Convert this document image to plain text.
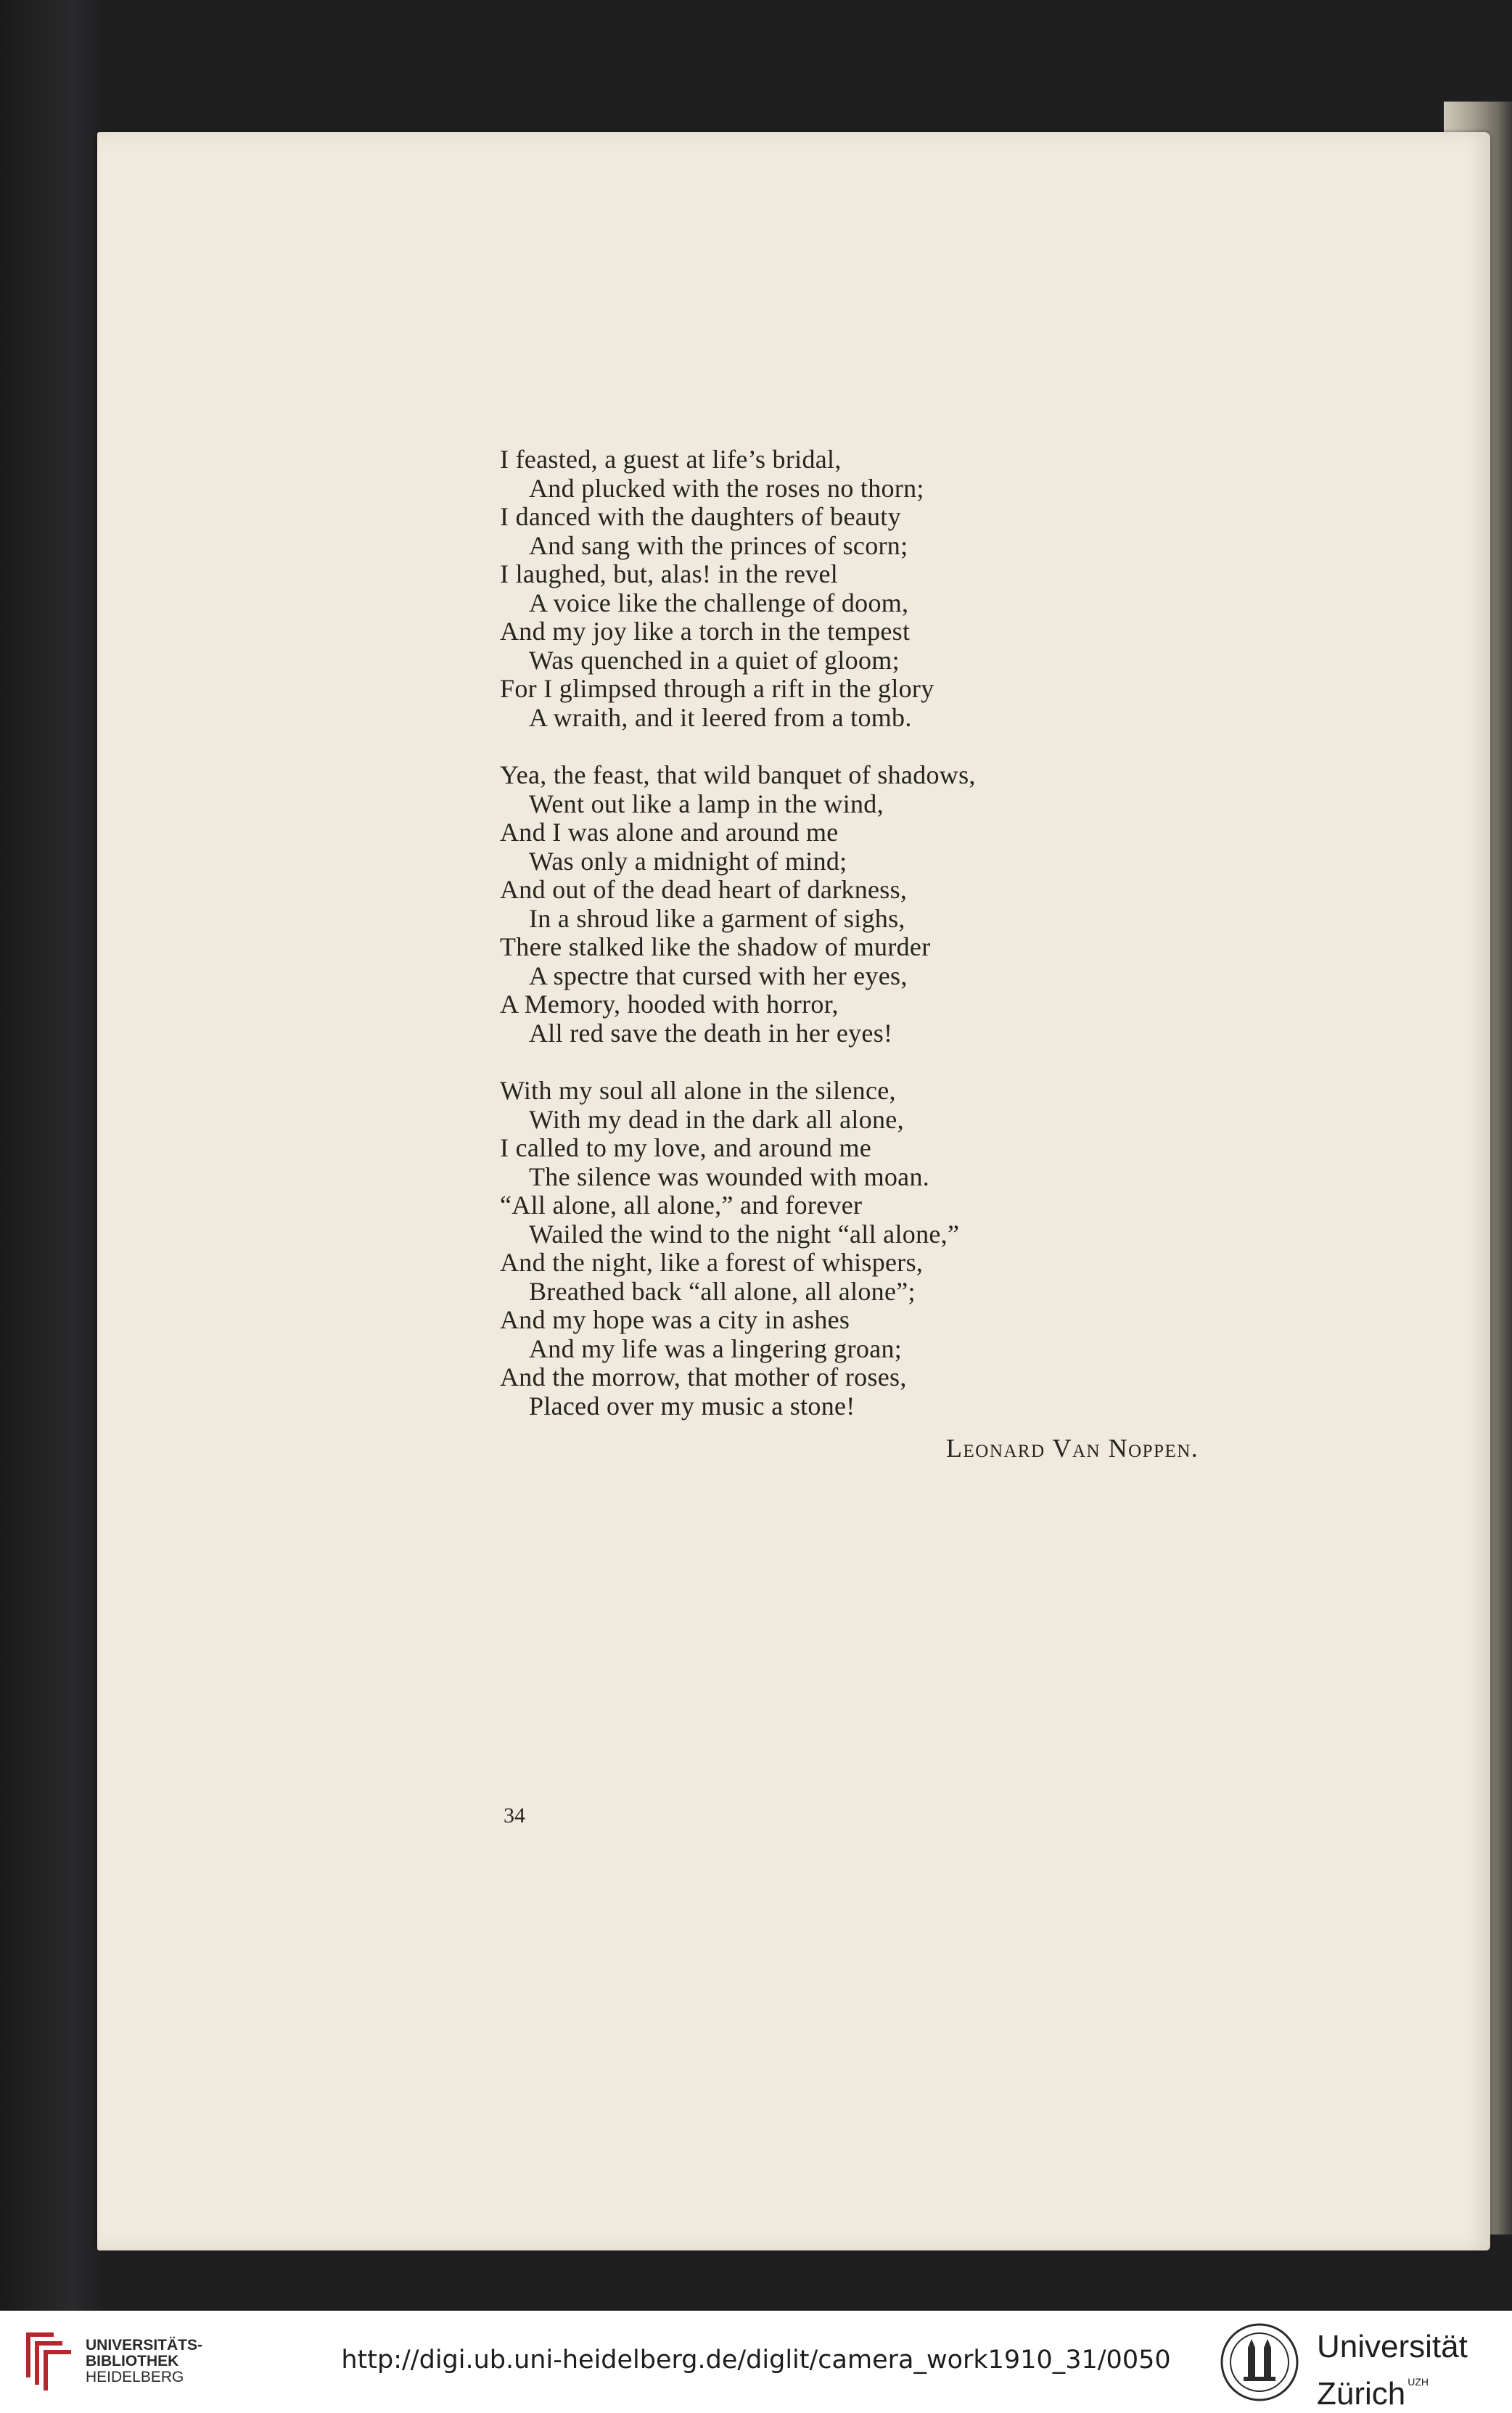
I feasted, a guest at life’s bridal,
And plucked with the roses no thorn;
I danced with the daughters of beauty
And sang with the princes of scorn;
I laughed, but, alas! in the revel
A voice like the challenge of doom,
And my joy like a torch in the tempest
Was quenched in a quiet of gloom;
For I glimpsed through a rift in the glory
A wraith, and it leered from a tomb.
Yea, the feast, that wild banquet of shadows,
Went out like a lamp in the wind,
And I was alone and around me
Was only a midnight of mind;
And out of the dead heart of darkness,
In a shroud like a garment of sighs,
There stalked like the shadow of murder
A spectre that cursed with her eyes,
A Memory, hooded with horror,
All red save the death in her eyes!
With my soul all alone in the silence,
With my dead in the dark all alone,
I called to my love, and around me
The silence was wounded with moan.
“All alone, all alone,” and forever
Wailed the wind to the night “all alone,”
And the night, like a forest of whispers,
Breathed back “all alone, all alone”;
And my hope was a city in ashes
And my life was a lingering groan;
And the morrow, that mother of roses,
Placed over my music a stone!
Leonard Van Noppen.
34
UNIVERSITÄTS-
BIBLIOTHEK
HEIDELBERG
http://digi.ub.uni-heidelberg.de/diglit/camera_work1910_31/0050	Universität
Zürich $^{UZH}$
